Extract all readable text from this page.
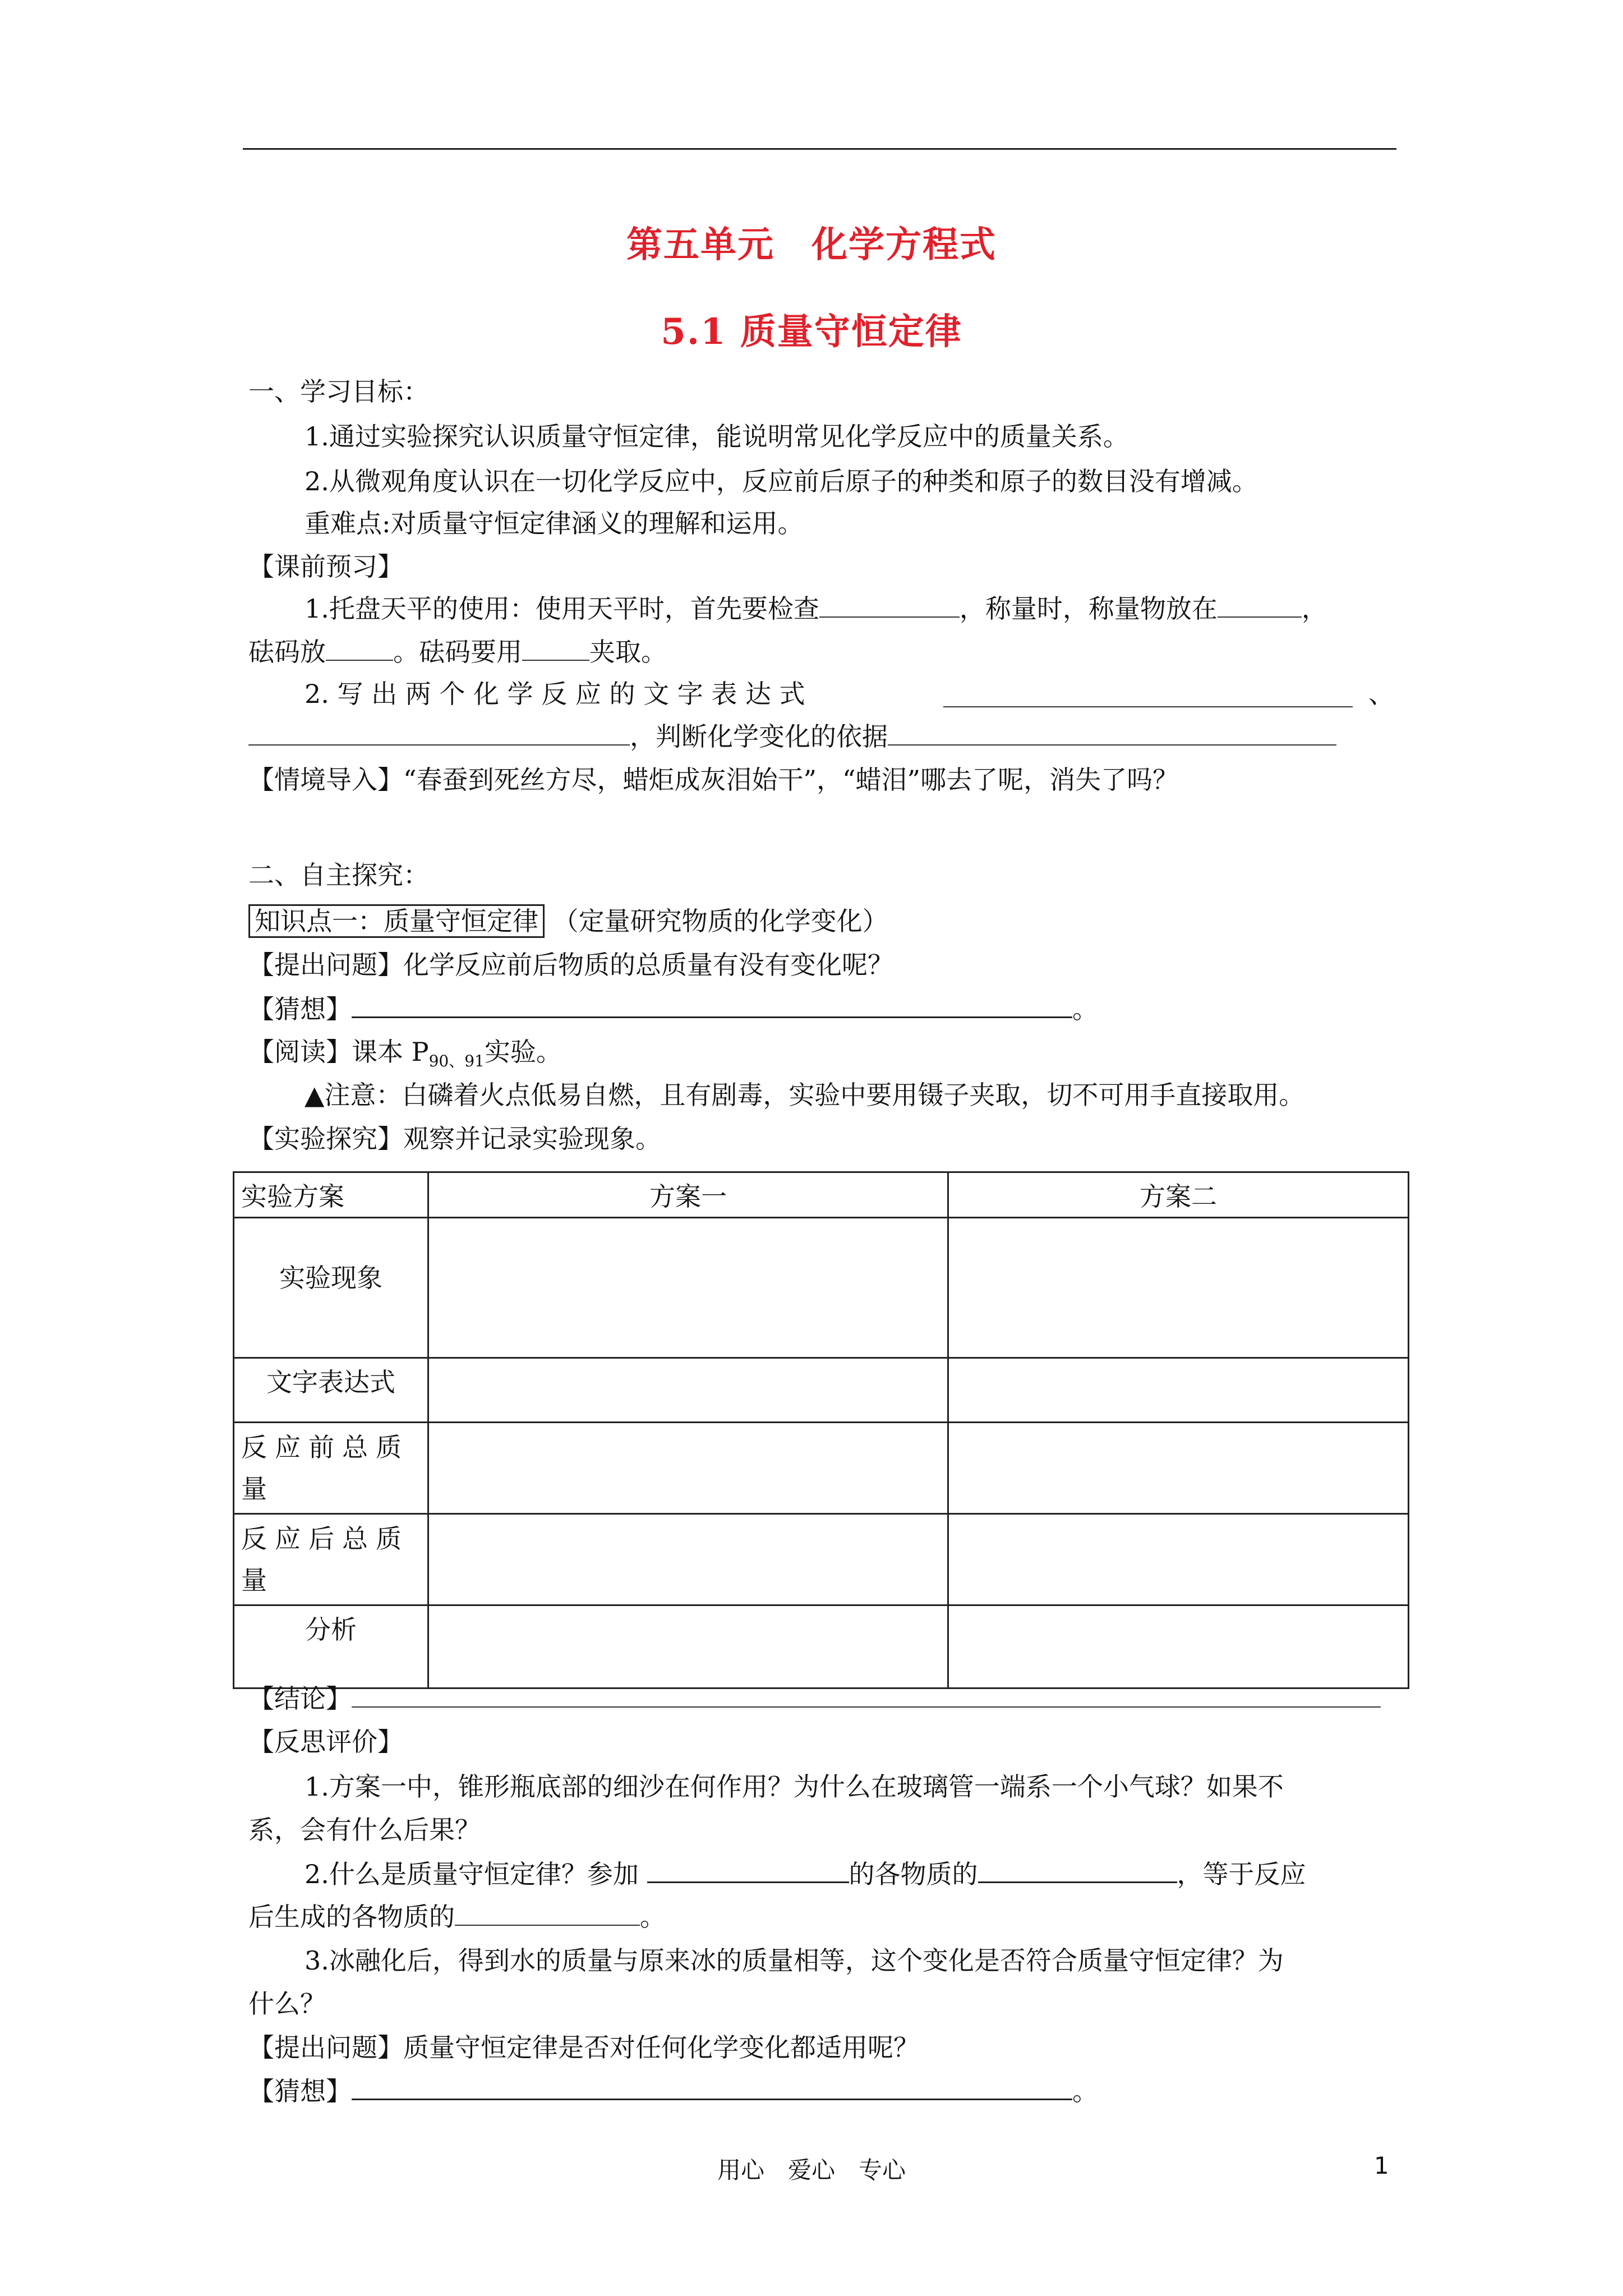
第五单元　化学方程式
5.1 质量守恒定律
一、学习目标：
1.通过实验探究认识质量守恒定律，能说明常见化学反应中的质量关系。
2.从微观角度认识在一切化学反应中，反应前后原子的种类和原子的数目没有增减。
重难点:对质量守恒定律涵义的理解和运用。
【课前预习】
1.托盘天平的使用：使用天平时，首先要检查	，称量时，称量物放在	，
砝码放	。砝码要用	夹取。
2. 写 出 两 个 化 学 反 应 的 文 字 表 达 式	、
，判断化学变化的依据
【情境导入】“春蚕到死丝方尽，蜡炬成灰泪始干”，“蜡泪”哪去了呢，消失了吗？
二、自主探究：
知识点一：质量守恒定律 （定量研究物质的化学变化）
【提出问题】化学反应前后物质的总质量有没有变化呢？
【猜想】	。
【阅读】课本 $P_{90、91}$实验。
▲注意：白磷着火点低易自燃，且有剧毒，实验中要用镊子夹取，切不可用手直接取用。
【实验探究】观察并记录实验现象。
实验方案	方案一	方案二
实验现象		
文字表达式		
反应前总质量		
反应后总质量		
分析		
【结论】
【反思评价】
1.方案一中，锥形瓶底部的细沙在何作用？为什么在玻璃管一端系一个小气球？如果不
系，会有什么后果？
2.什么是质量守恒定律？参加	的各物质的	，等于反应
后生成的各物质的	。
3.冰融化后，得到水的质量与原来冰的质量相等，这个变化是否符合质量守恒定律？为
什么？
【提出问题】质量守恒定律是否对任何化学变化都适用呢？
【猜想】	。
用心　爱心　专心	1
